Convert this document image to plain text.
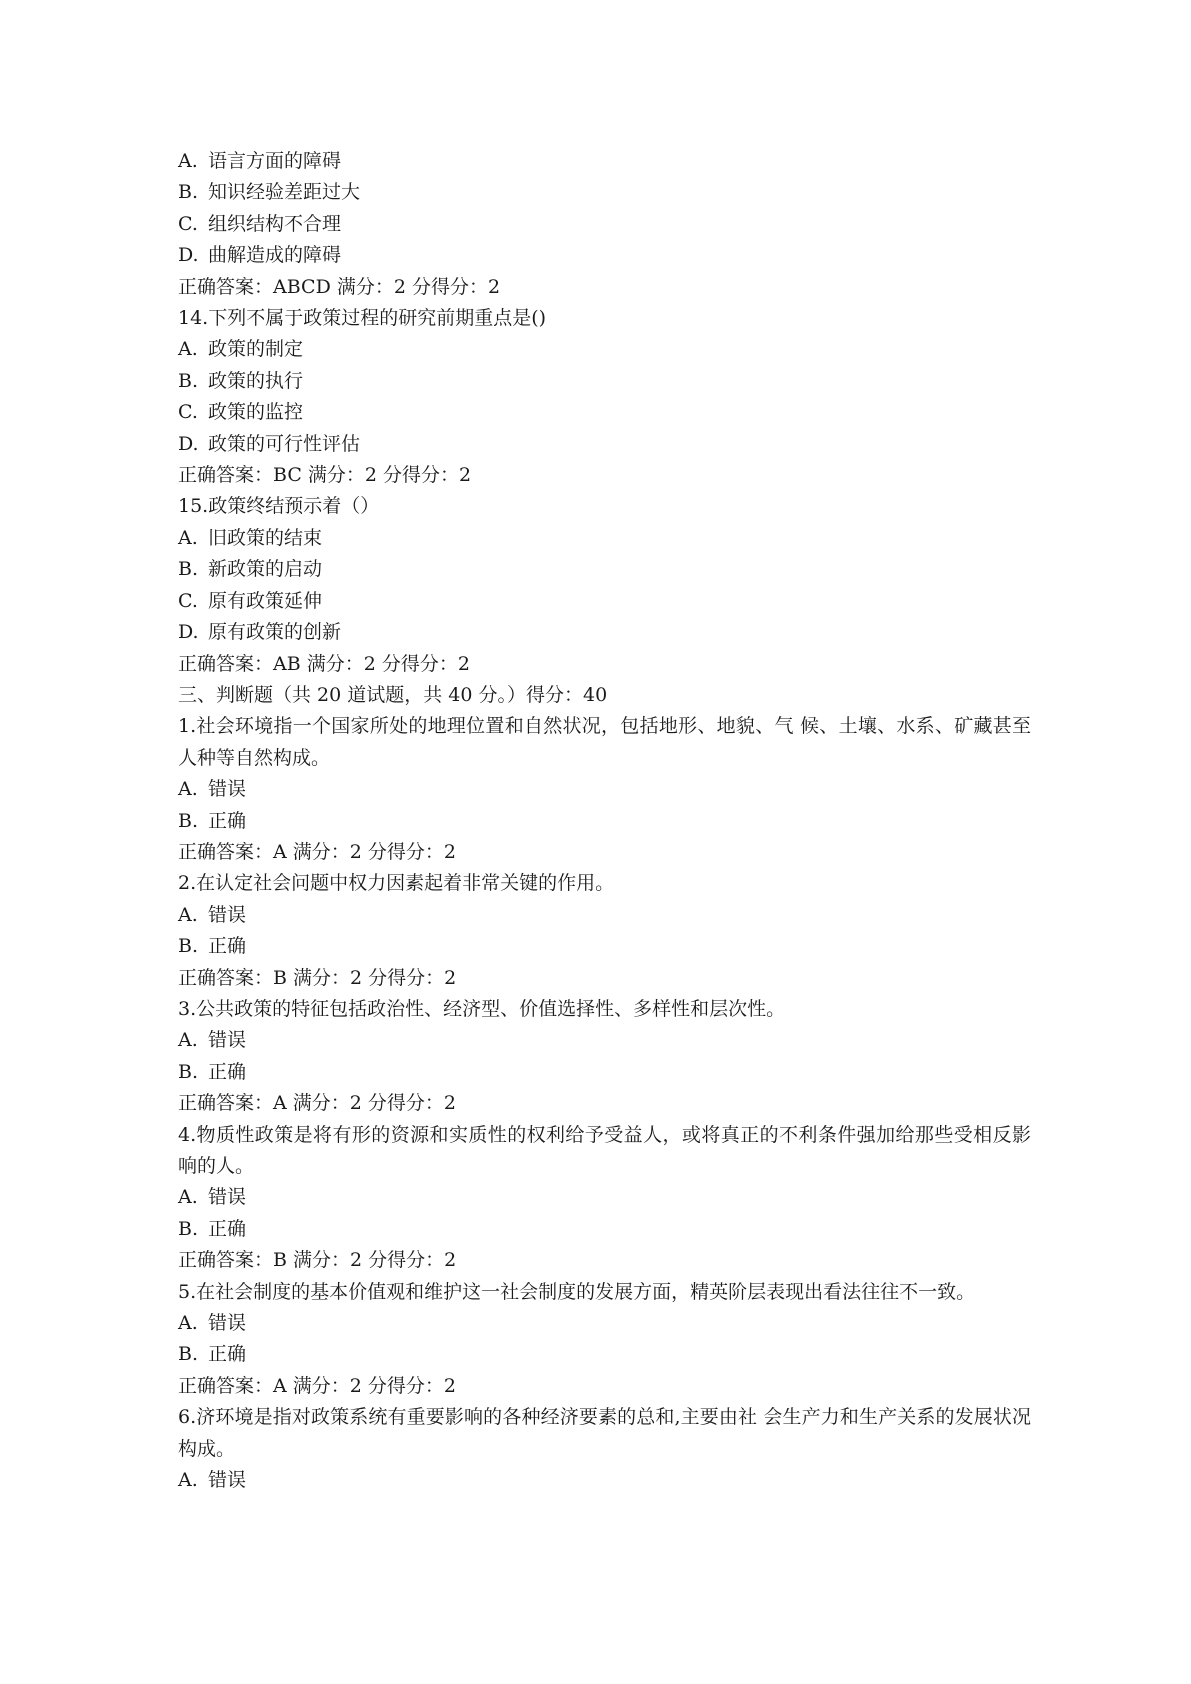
A. 语言方面的障碍

B. 知识经验差距过大

C. 组织结构不合理

D. 曲解造成的障碍

正确答案：ABCD 满分：2 分得分：2

14.下列不属于政策过程的研究前期重点是()

A. 政策的制定

B. 政策的执行

C. 政策的监控

D. 政策的可行性评估

正确答案：BC 满分：2 分得分：2

15.政策终结预示着（）

A. 旧政策的结束

B. 新政策的启动

C. 原有政策延伸

D. 原有政策的创新

正确答案：AB 满分：2 分得分：2

三、判断题（共 20 道试题，共 40 分。）得分：40

1.社会环境指一个国家所处的地理位置和自然状况，包括地形、地貌、气 候、土壤、水系、矿藏甚至人种等自然构成。

A. 错误

B. 正确

正确答案：A 满分：2 分得分：2

2.在认定社会问题中权力因素起着非常关键的作用。

A. 错误

B. 正确

正确答案：B 满分：2 分得分：2

3.公共政策的特征包括政治性、经济型、价值选择性、多样性和层次性。

A. 错误

B. 正确

正确答案：A 满分：2 分得分：2

4.物质性政策是将有形的资源和实质性的权利给予受益人，或将真正的不利条件强加给那些受相反影响的人。

A. 错误

B. 正确

正确答案：B 满分：2 分得分：2

5.在社会制度的基本价值观和维护这一社会制度的发展方面，精英阶层表现出看法往往不一致。

A. 错误

B. 正确

正确答案：A 满分：2 分得分：2

6.济环境是指对政策系统有重要影响的各种经济要素的总和,主要由社 会生产力和生产关系的发展状况构成。

A. 错误
